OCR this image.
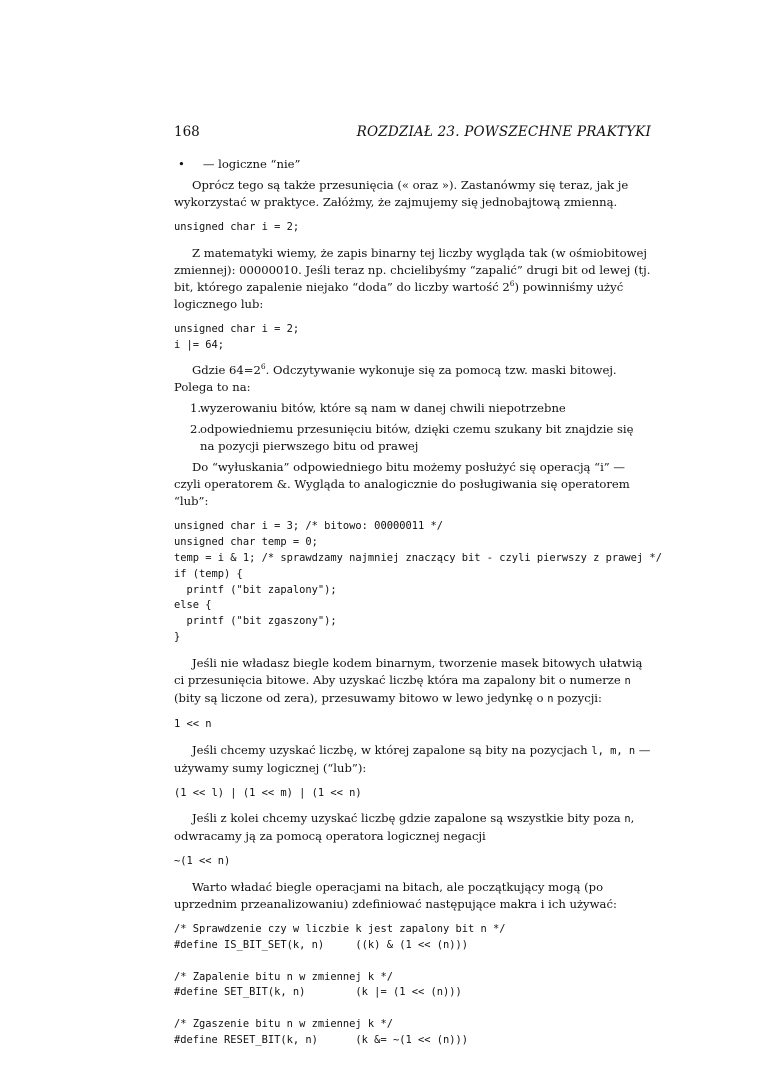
168	ROZDZIAŁ 23. POWSZECHNE PRAKTYKI
• — logiczne “nie”

Oprócz tego są także przesunięcia (« oraz »). Zastanówmy się teraz, jak je wykorzystać w praktyce. Załóżmy, że zajmujemy się jednobajtową zmienną.

unsigned char i = 2;

Z matematyki wiemy, że zapis binarny tej liczby wygląda tak (w ośmiobitowej zmiennej): 00000010. Jeśli teraz np. chcielibyśmy “zapalić” drugi bit od lewej (tj. bit, którego zapalenie niejako “doda” do liczby wartość $2^6$) powinniśmy użyć logicznego lub:

unsigned char i = 2;
i |= 64;

Gdzie $64=2^6$. Odczytywanie wykonuje się za pomocą tzw. maski bitowej. Polega to na:

1.
wyzerowaniu bitów, które są nam w danej chwili niepotrzebne
2.
odpowiedniemu przesunięciu bitów, dzięki czemu szukany bit znajdzie się na pozycji pierwszego bitu od prawej

Do “wyłuskania” odpowiedniego bitu możemy posłużyć się operacją “i” — czyli operatorem &. Wygląda to analogicznie do posługiwania się operatorem “lub”:

unsigned char i = 3; /* bitowo: 00000011 */
unsigned char temp = 0;
temp = i & 1; /* sprawdzamy najmniej znaczący bit - czyli pierwszy z prawej */
if (temp) {
printf ("bit zapalony");
else {
printf ("bit zgaszony");
}

Jeśli nie władasz biegle kodem binarnym, tworzenie masek bitowych ułatwią ci przesunięcia bitowe. Aby uzyskać liczbę która ma zapalony bit o numerze n (bity są liczone od zera), przesuwamy bitowo w lewo jedynkę o n pozycji:

1 << n

Jeśli chcemy uzyskać liczbę, w której zapalone są bity na pozycjach l, m, n — używamy sumy logicznej (“lub”):

(1 << l) | (1 << m) | (1 << n)

Jeśli z kolei chcemy uzyskać liczbę gdzie zapalone są wszystkie bity poza n, odwracamy ją za pomocą operatora logicznej negacji

~(1 << n)

Warto władać biegle operacjami na bitach, ale początkujący mogą (po uprzednim przeanalizowaniu) zdefiniować następujące makra i ich używać:

/* Sprawdzenie czy w liczbie k jest zapalony bit n */
#define IS_BIT_SET(k, n)     ((k) & (1 << (n)))

/* Zapalenie bitu n w zmiennej k */
#define SET_BIT(k, n)        (k |= (1 << (n)))

/* Zgaszenie bitu n w zmiennej k */
#define RESET_BIT(k, n)      (k &= ~(1 << (n)))
